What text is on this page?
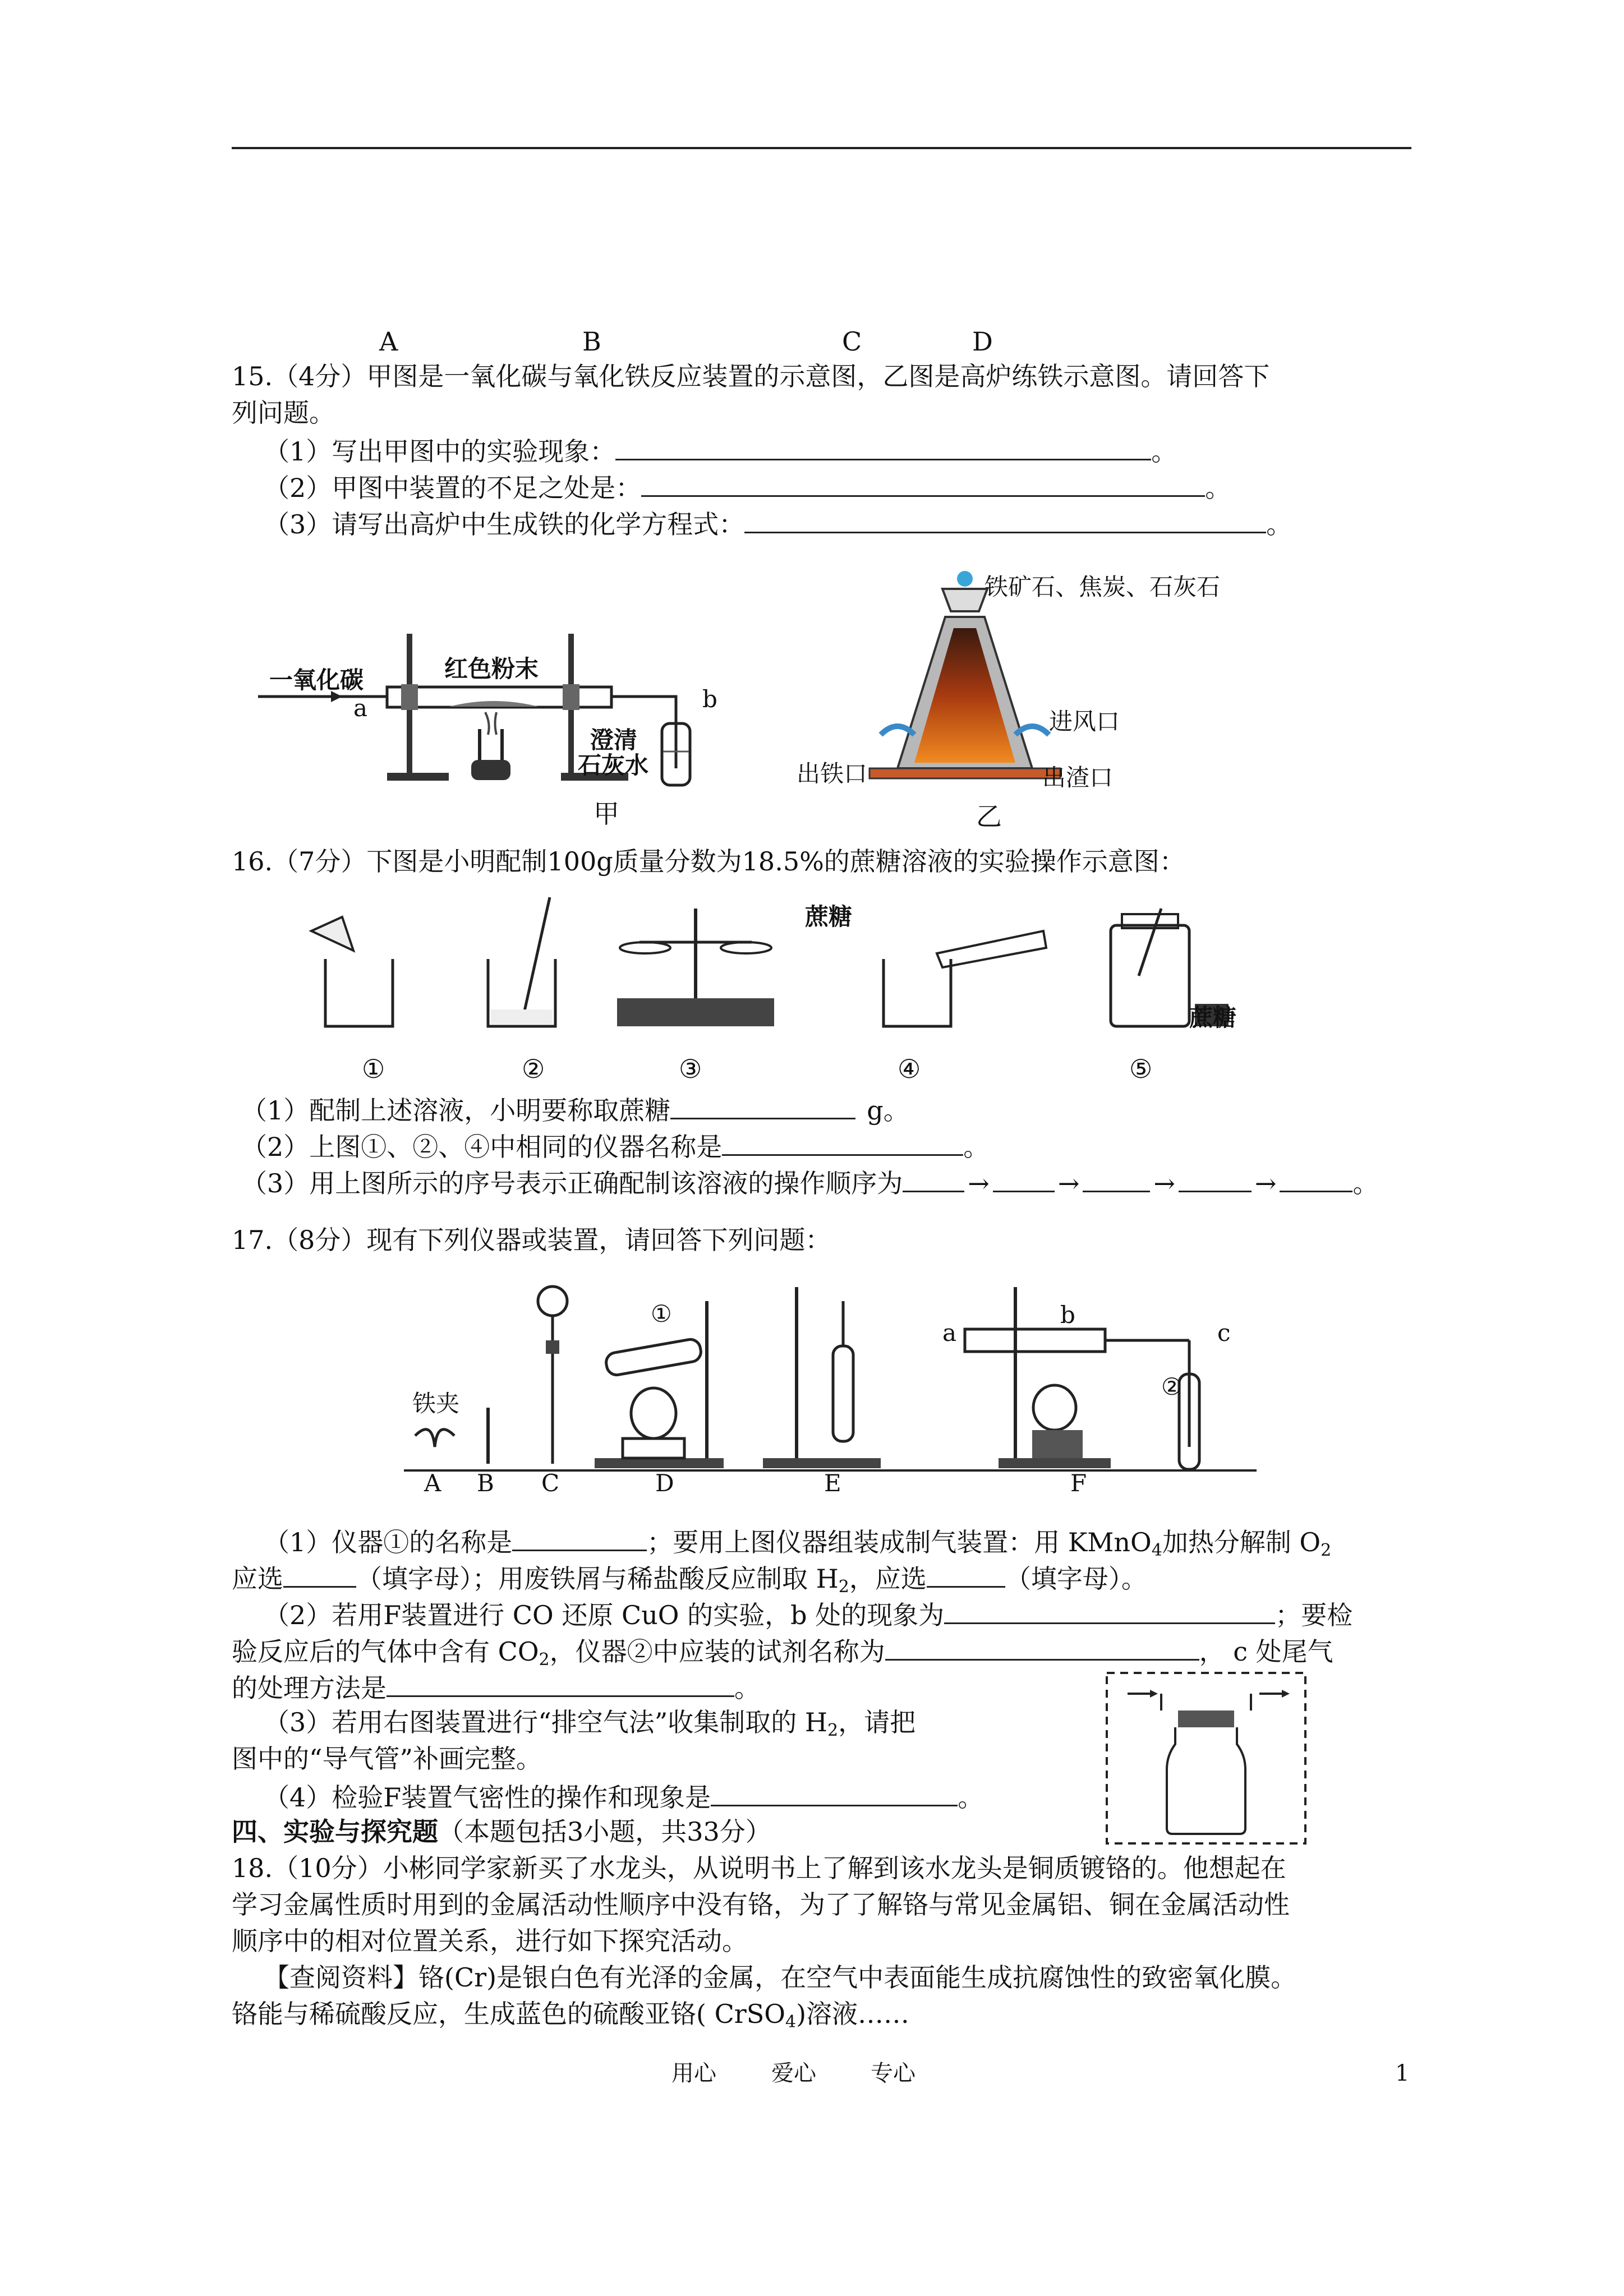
A	B	C	D
15.（4分）甲图是一氧化碳与氧化铁反应装置的示意图，乙图是高炉练铁示意图。请回答下
列问题。
（1）写出甲图中的实验现象：	。
（2）甲图中装置的不足之处是：	。
（3）请写出高炉中生成铁的化学方程式：	。
一氧化碳
a	b
红色粉末
澄清
石灰水
甲
铁矿石、焦炭、石灰石
进风口
出铁口	出渣口
乙
16.（7分）下图是小明配制100g质量分数为18.5%的蔗糖溶液的实验操作示意图：
蔗糖
蔗糖
①	②	③	④	⑤
（1）配制上述溶液，小明要称取蔗糖	g。
（2）上图①、②、④中相同的仪器名称是	。
（3）用上图所示的序号表示正确配制该溶液的操作顺序为	→	→	→	→	。
17.（8分）现有下列仪器或装置，请回答下列问题：
铁夹
A B C	D	E	F
①
②
a
b
c
（1）仪器①的名称是	；要用上图仪器组装成制气装置：用 KMnO$_4$加热分解制 $O_2$
应选	（填字母）；用废铁屑与稀盐酸反应制取 $H_2$，应选	（填字母）。
（2）若用F装置进行 CO 还原 CuO 的实验，b 处的现象为	；要检
验反应后的气体中含有 $CO_2$，仪器②中应装的试剂名称为	， c 处尾气
的处理方法是	。
（3）若用右图装置进行“排空气法”收集制取的 $H_2$，请把
图中的“导气管”补画完整。
（4）检验F装置气密性的操作和现象是	。
四、实验与探究题（本题包括3小题，共33分）
18.（10分）小彬同学家新买了水龙头，从说明书上了解到该水龙头是铜质镀铬的。他想起在
学习金属性质时用到的金属活动性顺序中没有铬，为了了解铬与常见金属铝、铜在金属活动性
顺序中的相对位置关系，进行如下探究活动。
【查阅资料】铬(Cr)是银白色有光泽的金属，在空气中表面能生成抗腐蚀性的致密氧化膜。
铬能与稀硫酸反应，生成蓝色的硫酸亚铬( CrSO$_4$)溶液……
用心 爱心 专心	1
